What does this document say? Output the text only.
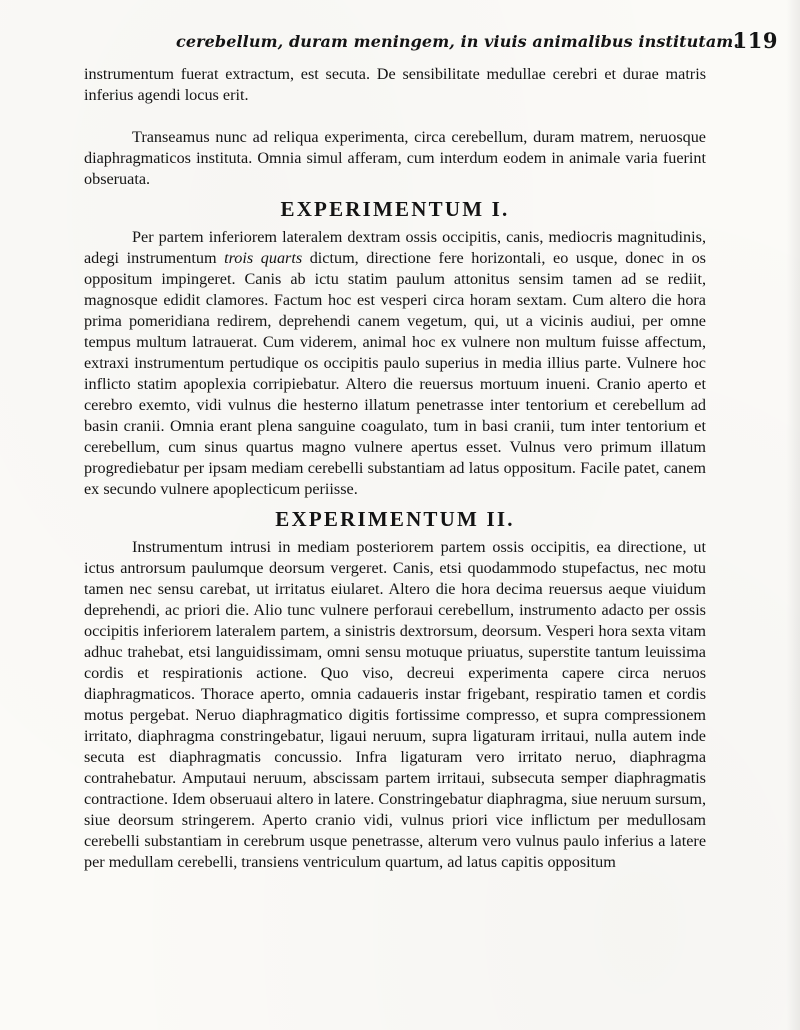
cerebellum, duram meningem, in viuis animalibus institutam.
119

instrumentum fuerat extractum, est secuta. De sensibilitate medullae cerebri et durae matris inferius agendi locus erit.

Transeamus nunc ad reliqua experimenta, circa cerebellum, duram matrem, neruosque diaphragmaticos instituta. Omnia simul afferam, cum interdum eodem in animale varia fuerint obseruata.

EXPERIMENTUM I.

Per partem inferiorem lateralem dextram ossis occipitis, canis, mediocris magnitudinis, adegi instrumentum trois quarts dictum, directione fere horizontali, eo usque, donec in os oppositum impingeret. Canis ab ictu statim paulum attonitus sensim tamen ad se rediit, magnosque edidit clamores. Factum hoc est vesperi circa horam sextam. Cum altero die hora prima pomeridiana redirem, deprehendi canem vegetum, qui, ut a vicinis audiui, per omne tempus multum latrauerat. Cum viderem, animal hoc ex vulnere non multum fuisse affectum, extraxi instrumentum pertudique os occipitis paulo superius in media illius parte. Vulnere hoc inflicto statim apoplexia corripiebatur. Altero die reuersus mortuum inueni. Cranio aperto et cerebro exemto, vidi vulnus die hesterno illatum penetrasse inter tentorium et cerebellum ad basin cranii. Omnia erant plena sanguine coagulato, tum in basi cranii, tum inter tentorium et cerebellum, cum sinus quartus magno vulnere apertus esset. Vulnus vero primum illatum progrediebatur per ipsam mediam cerebelli substantiam ad latus oppositum. Facile patet, canem ex secundo vulnere apoplecticum periisse.

EXPERIMENTUM II.

Instrumentum intrusi in mediam posteriorem partem ossis occipitis, ea directione, ut ictus antrorsum paulumque deorsum vergeret. Canis, etsi quodammodo stupefactus, nec motu tamen nec sensu carebat, ut irritatus eiularet. Altero die hora decima reuersus aeque viuidum deprehendi, ac priori die. Alio tunc vulnere perforaui cerebellum, instrumento adacto per ossis occipitis inferiorem lateralem partem, a sinistris dextrorsum, deorsum. Vesperi hora sexta vitam adhuc trahebat, etsi languidissimam, omni sensu motuque priuatus, superstite tantum leuissima cordis et respirationis actione. Quo viso, decreui experimenta capere circa neruos diaphragmaticos. Thorace aperto, omnia cadaueris instar frigebant, respiratio tamen et cordis motus pergebat. Neruo diaphragmatico digitis fortissime compresso, et supra compressionem irritato, diaphragma constringebatur, ligaui neruum, supra ligaturam irritaui, nulla autem inde secuta est diaphragmatis concussio. Infra ligaturam vero irritato neruo, diaphragma contrahebatur. Amputaui neruum, abscissam partem irritaui, subsecuta semper diaphragmatis contractione. Idem obseruaui altero in latere. Constringebatur diaphragma, siue neruum sursum, siue deorsum stringerem. Aperto cranio vidi, vulnus priori vice inflictum per medullosam cerebelli substantiam in cerebrum usque penetrasse, alterum vero vulnus paulo inferius a latere per medullam cerebelli, transiens ventriculum quartum, ad latus capitis oppositum
